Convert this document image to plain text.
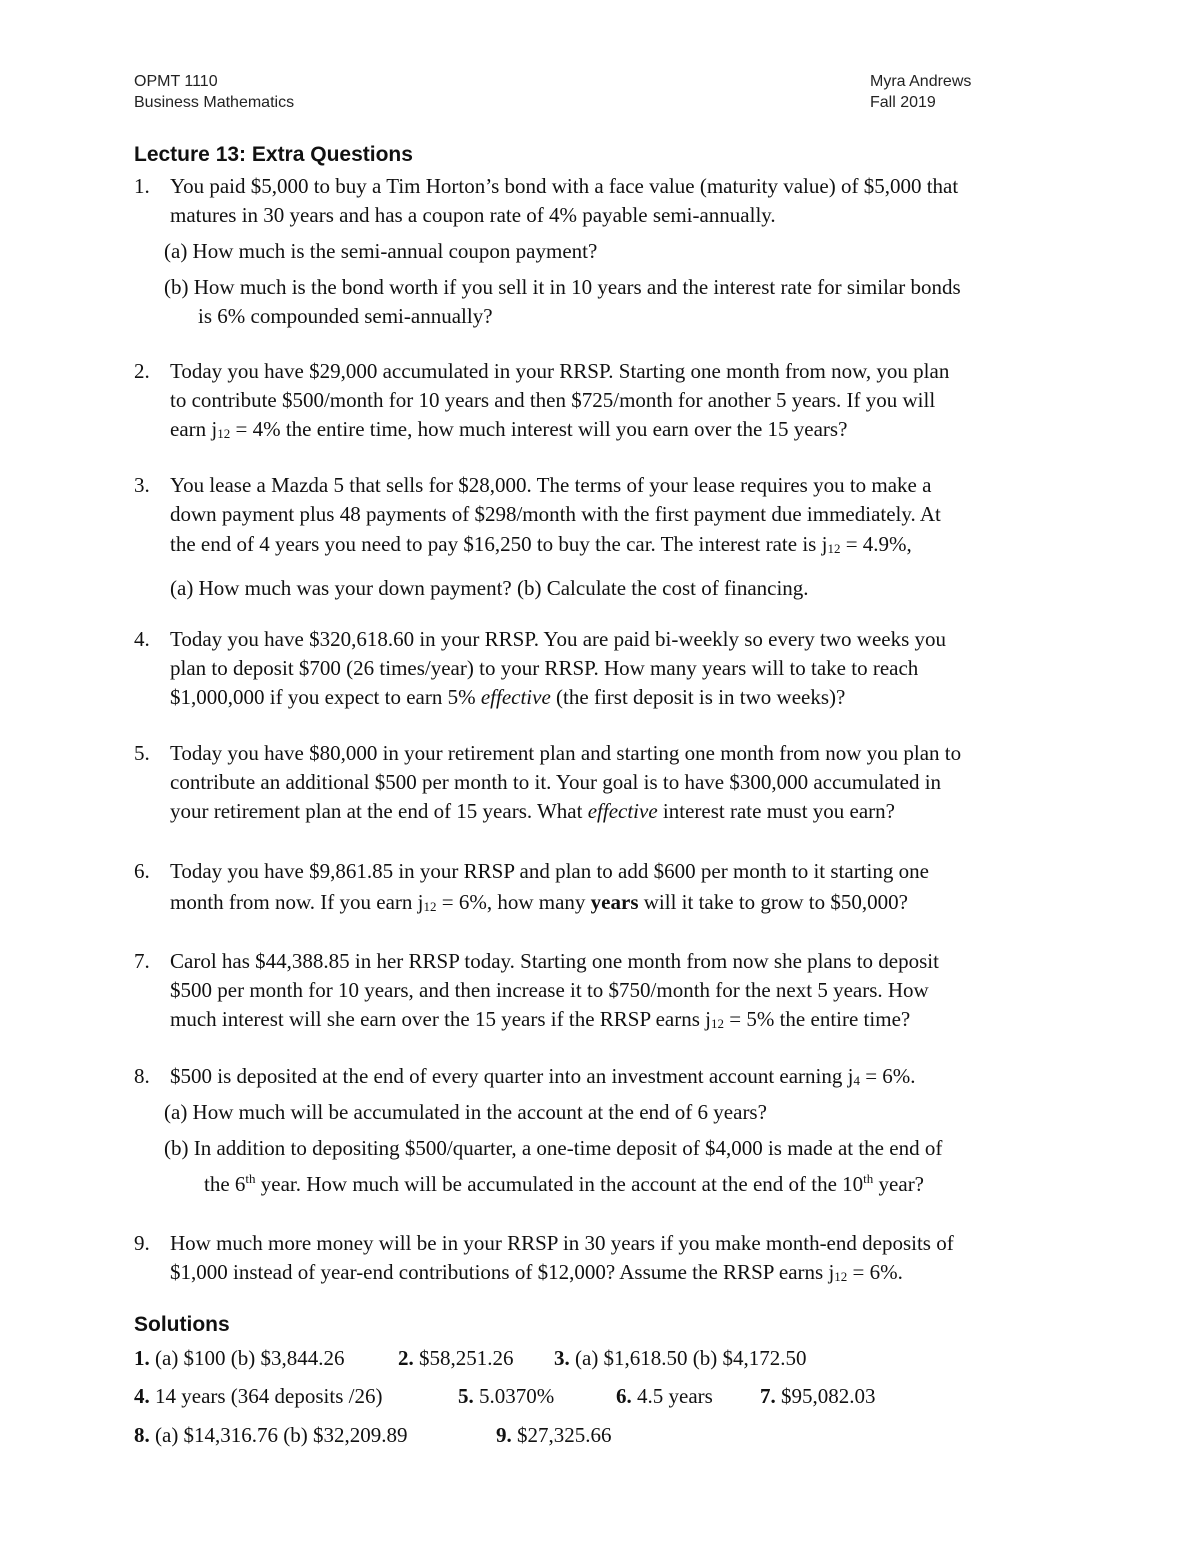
OPMT 1110
Business Mathematics
Myra Andrews
Fall 2019
Lecture 13: Extra Questions
1. You paid $5,000 to buy a Tim Horton’s bond with a face value (maturity value) of $5,000 that
matures in 30 years and has a coupon rate of 4% payable semi-annually.
(a) How much is the semi-annual coupon payment?
(b) How much is the bond worth if you sell it in 10 years and the interest rate for similar bonds
is 6% compounded semi-annually?
2. Today you have $29,000 accumulated in your RRSP. Starting one month from now, you plan
to contribute $500/month for 10 years and then $725/month for another 5 years. If you will
earn $j_{12} = 4\%$ the entire time, how much interest will you earn over the 15 years?
3. You lease a Mazda 5 that sells for $28,000. The terms of your lease requires you to make a
down payment plus 48 payments of $298/month with the first payment due immediately. At
the end of 4 years you need to pay $16,250 to buy the car. The interest rate is $j_{12} = 4.9\%$,
(a) How much was your down payment? (b) Calculate the cost of financing.
4. Today you have $320,618.60 in your RRSP. You are paid bi-weekly so every two weeks you
plan to deposit $700 (26 times/year) to your RRSP. How many years will to take to reach
$1,000,000 if you expect to earn 5% effective (the first deposit is in two weeks)?
5. Today you have $80,000 in your retirement plan and starting one month from now you plan to
contribute an additional $500 per month to it. Your goal is to have $300,000 accumulated in
your retirement plan at the end of 15 years. What effective interest rate must you earn?
6. Today you have $9,861.85 in your RRSP and plan to add $600 per month to it starting one
month from now. If you earn $j_{12} = 6\%$, how many years will it take to grow to $50,000?
7. Carol has $44,388.85 in her RRSP today. Starting one month from now she plans to deposit
$500 per month for 10 years, and then increase it to $750/month for the next 5 years. How
much interest will she earn over the 15 years if the RRSP earns $j_{12} = 5\%$ the entire time?
8. $500 is deposited at the end of every quarter into an investment account earning $j_4 = 6\%$.
(a) How much will be accumulated in the account at the end of 6 years?
(b) In addition to depositing $500/quarter, a one-time deposit of $4,000 is made at the end of
the 6th year. How much will be accumulated in the account at the end of the 10th year?
9. How much more money will be in your RRSP in 30 years if you make month-end deposits of
$1,000 instead of year-end contributions of $12,000? Assume the RRSP earns $j_{12} = 6\%$.
Solutions
1. (a) $100 (b) $3,844.26	2. $58,251.26 3. (a) $1,618.50 (b) $4,172.50
4. 14 years (364 deposits /26)	5. 5.0370%	6. 4.5 years 7. $95,082.03
8. (a) $14,316.76 (b) $32,209.89	9. $27,325.66
